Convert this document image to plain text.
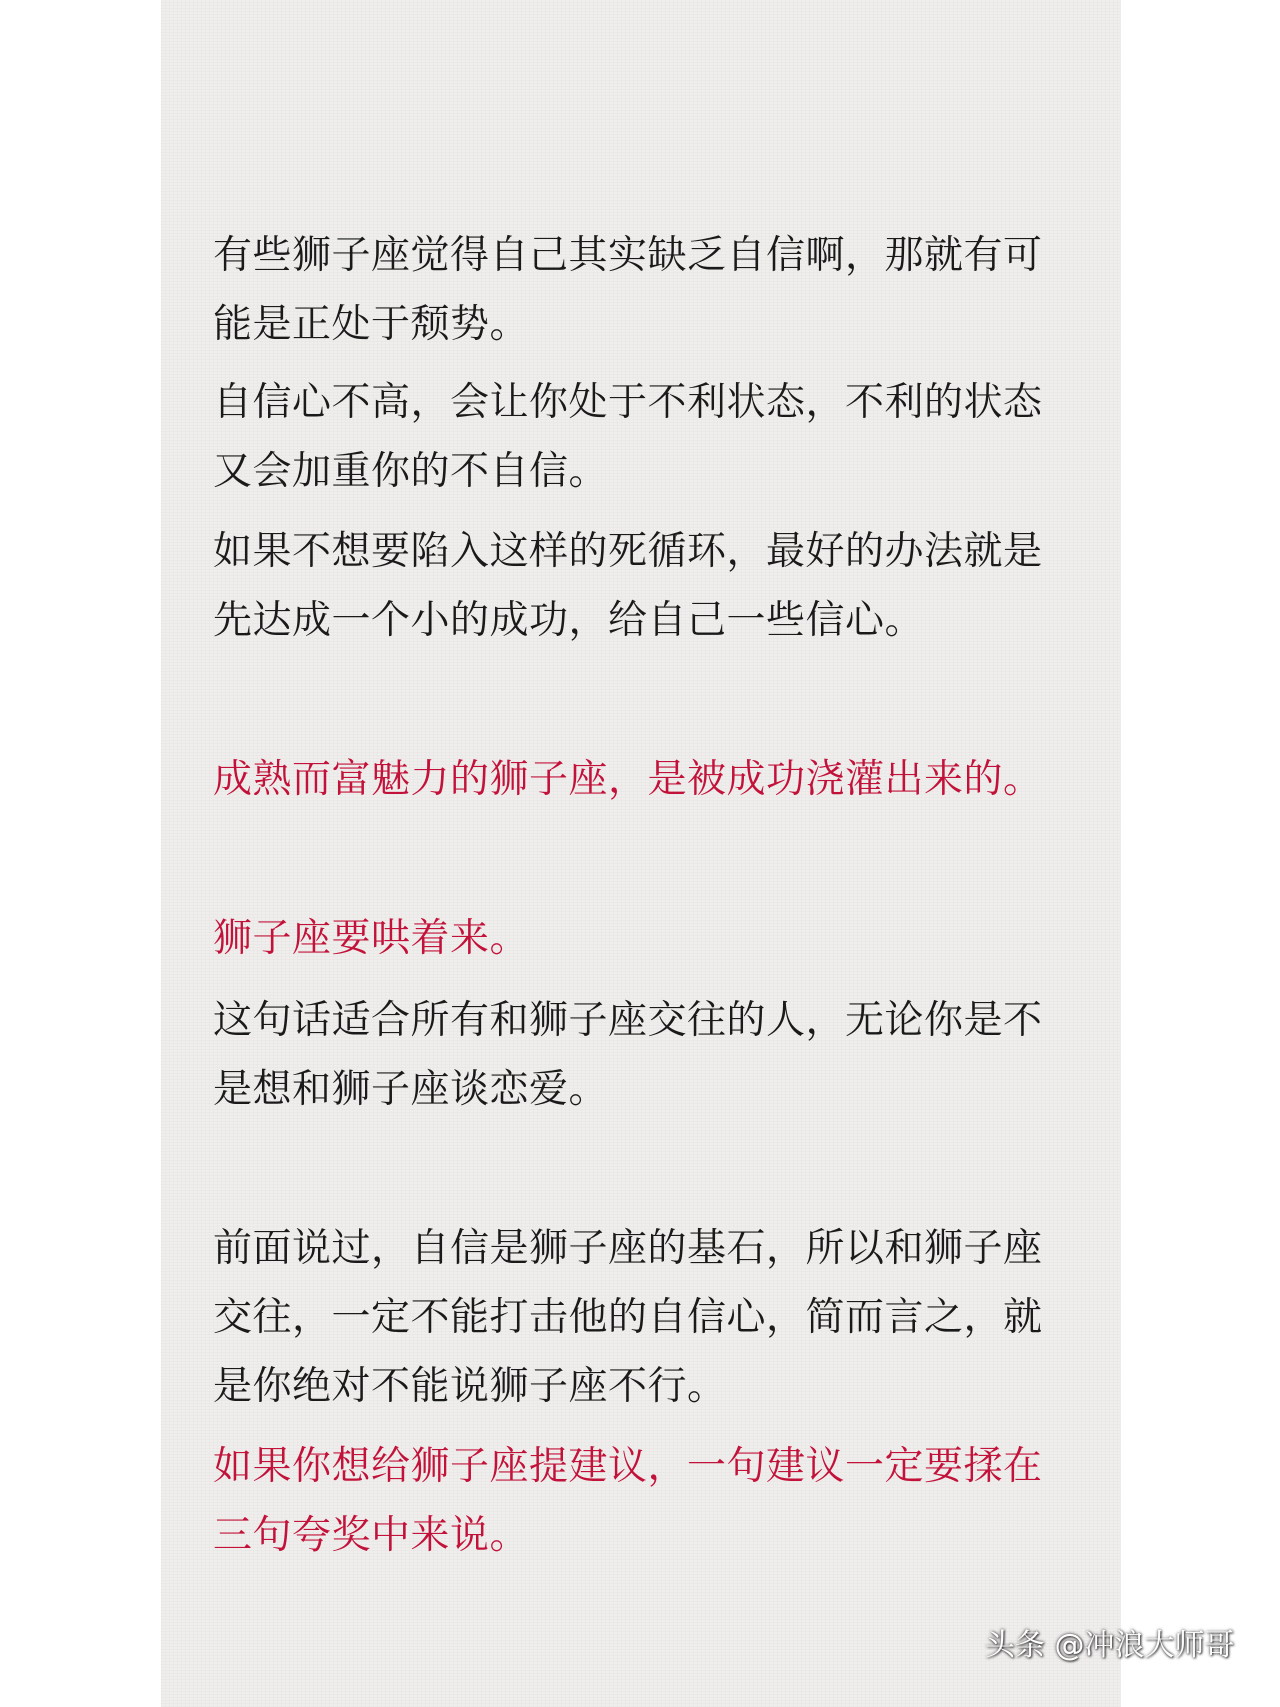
有些狮子座觉得自己其实缺乏自信啊，那就有可
能是正处于颓势。
自信心不高，会让你处于不利状态，不利的状态
又会加重你的不自信。
如果不想要陷入这样的死循环，最好的办法就是
先达成一个小的成功，给自己一些信心。
成熟而富魅力的狮子座，是被成功浇灌出来的。
狮子座要哄着来。
这句话适合所有和狮子座交往的人，无论你是不
是想和狮子座谈恋爱。
前面说过，自信是狮子座的基石，所以和狮子座
交往，一定不能打击他的自信心，简而言之，就
是你绝对不能说狮子座不行。
如果你想给狮子座提建议，一句建议一定要揉在
三句夸奖中来说。
头条 @冲浪大师哥
